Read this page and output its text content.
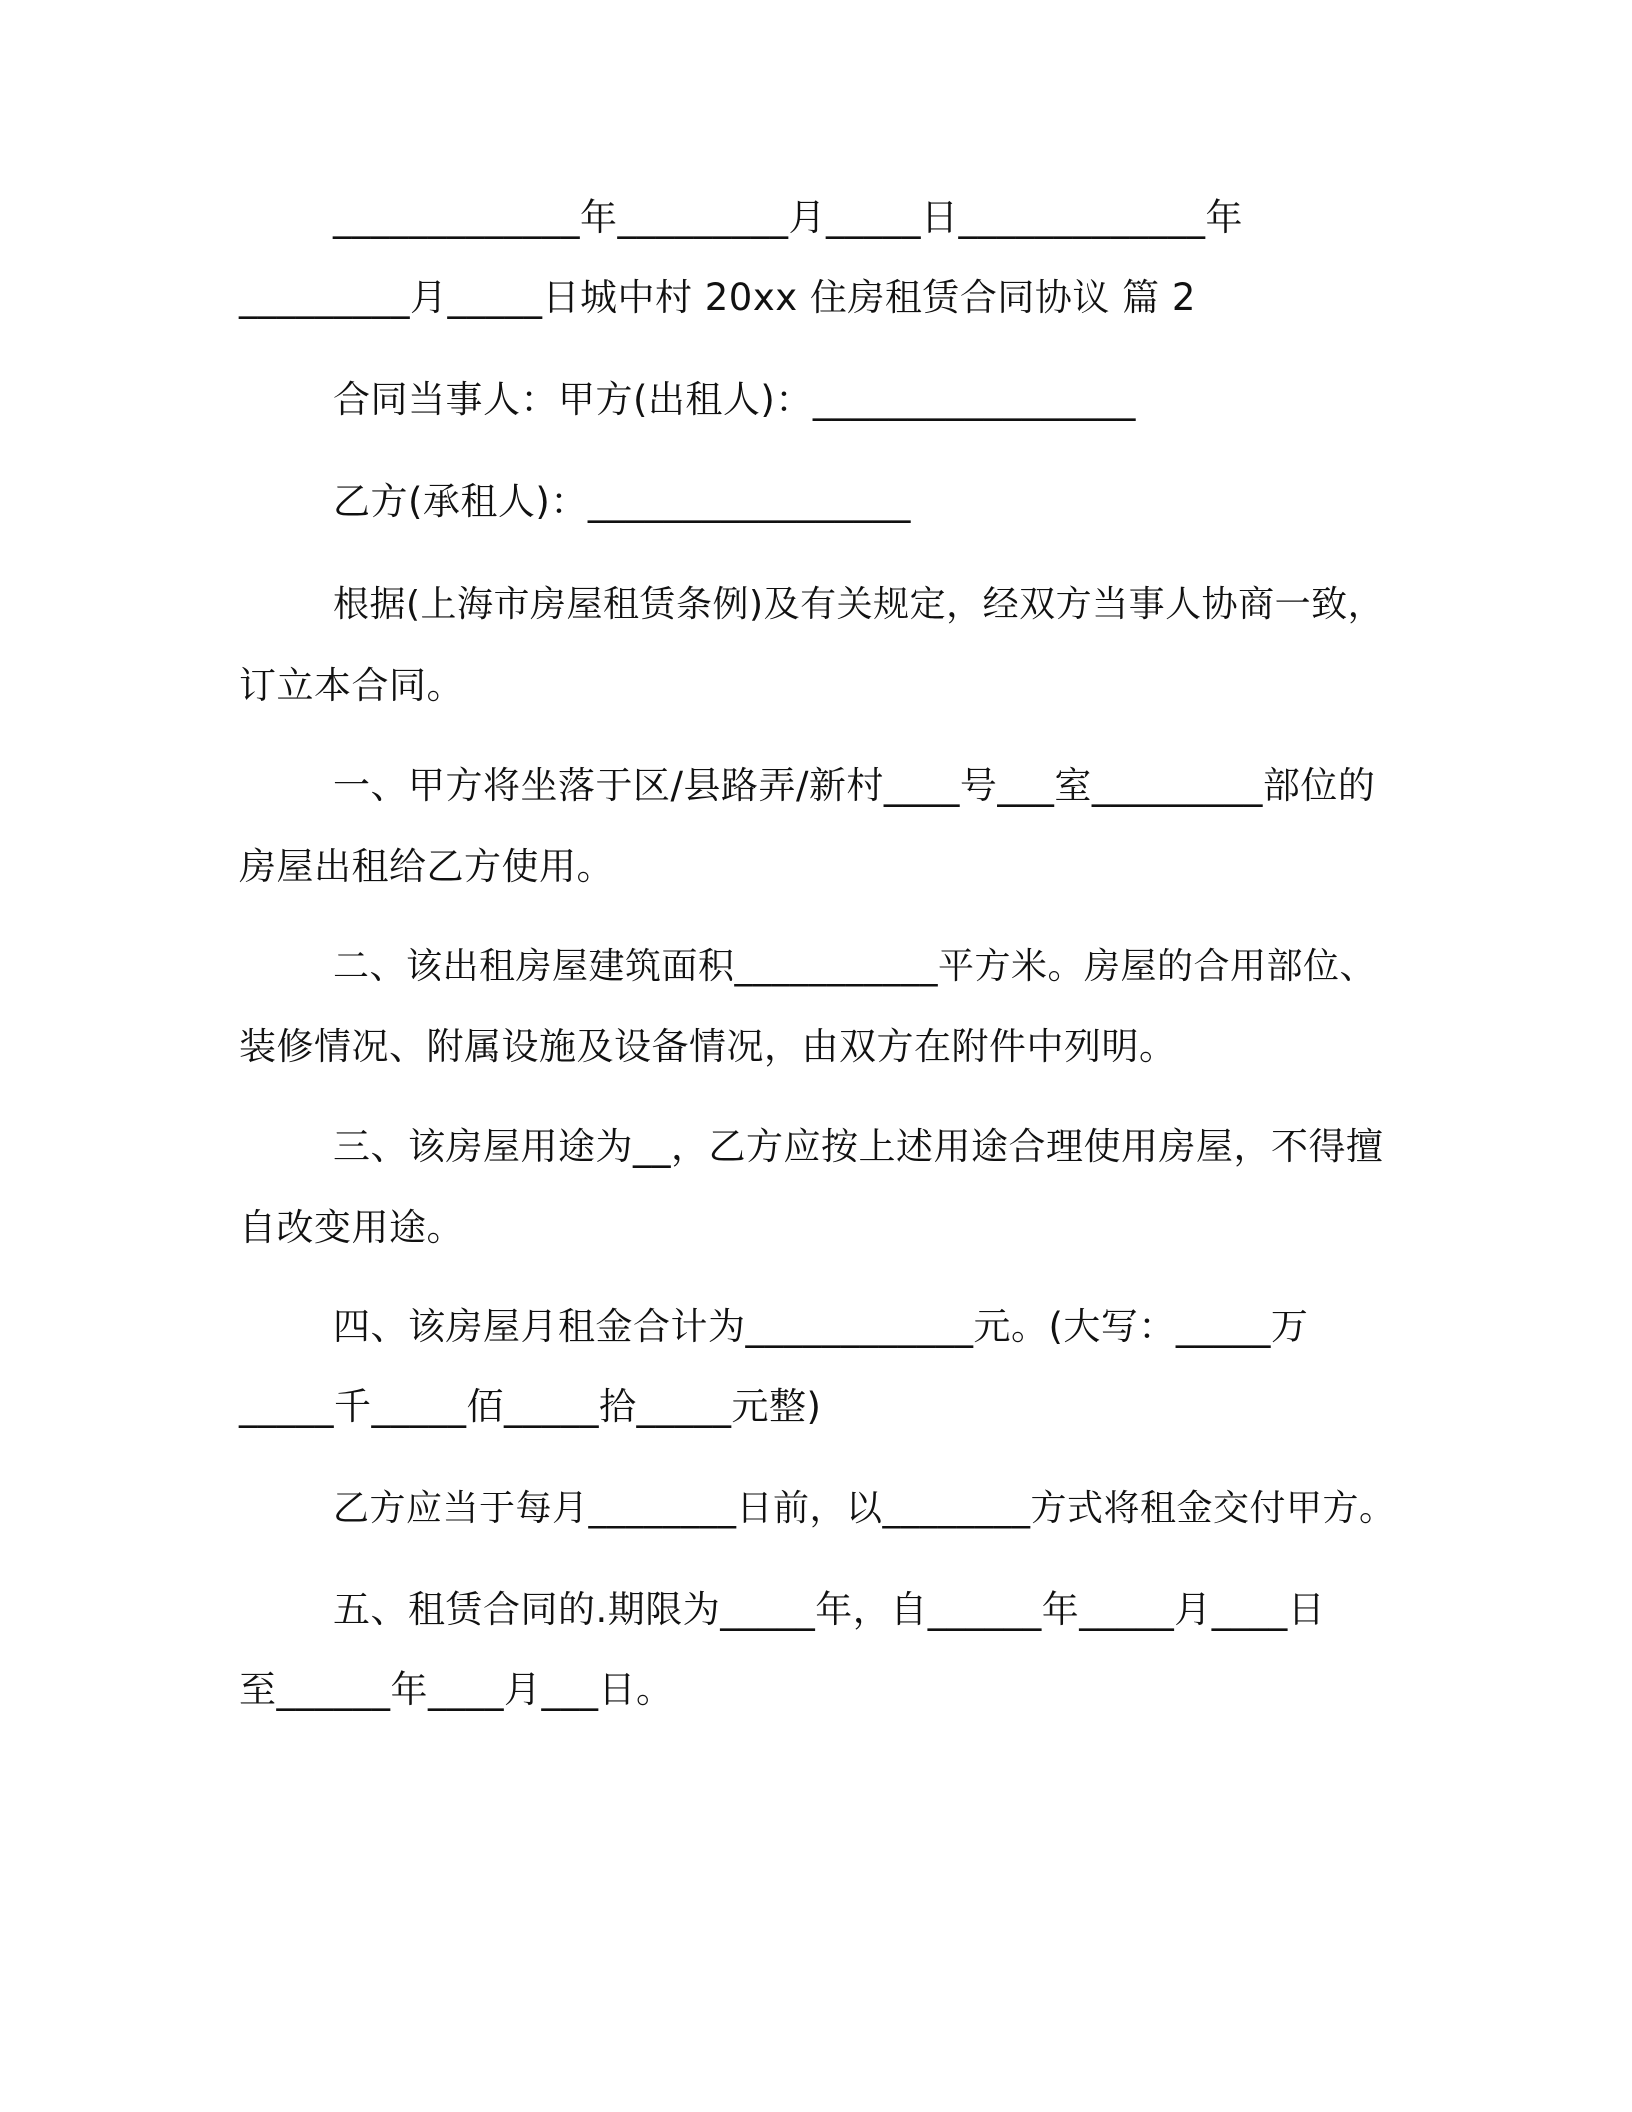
_____________年_________月_____日_____________年
_________月_____日城中村 20xx 住房租赁合同协议 篇 2
合同当事人：甲方(出租人)：_________________
乙方(承租人)：_________________
根据(上海市房屋租赁条例)及有关规定，经双方当事人协商一致，
订立本合同。
一、甲方将坐落于区/县路弄/新村____号___室_________部位的
房屋出租给乙方使用。
二、该出租房屋建筑面积___________平方米。房屋的合用部位、
装修情况、附属设施及设备情况，由双方在附件中列明。
三、该房屋用途为__，乙方应按上述用途合理使用房屋，不得擅
自改变用途。
四、该房屋月租金合计为____________元。(大写：_____万
_____千_____佰_____拾_____元整)
乙方应当于每月________日前，以________方式将租金交付甲方。
五、租赁合同的.期限为_____年，自______年_____月____日
至______年____月___日。
